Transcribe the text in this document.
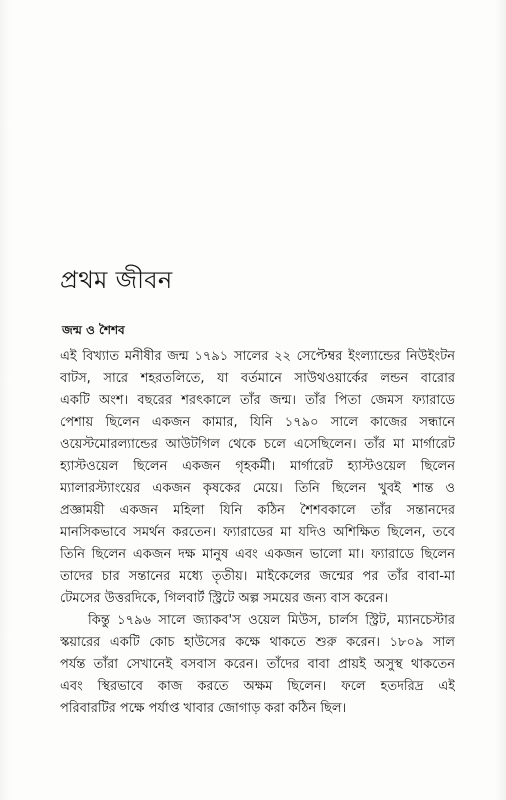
প্রথম জীবন
জন্ম ও শৈশব
এই বিখ্যাত মনীষীর জন্ম ১৭৯১ সালের ২২ সেপ্টেম্বর ইংল্যান্ডের নিউইংটন
বাটস, সারে শহরতলিতে, যা বর্তমানে সাউথওয়ার্কের লন্ডন বারোর
একটি অংশ। বছরের শরৎকালে তাঁর জন্ম। তাঁর পিতা জেমস ফ্যারাডে
পেশায় ছিলেন একজন কামার, যিনি ১৭৯০ সালে কাজের সন্ধানে
ওয়েস্টমোরল্যান্ডের আউটগিল থেকে চলে এসেছিলেন। তাঁর মা মার্গারেট
হ্যাস্টওয়েল ছিলেন একজন গৃহকর্মী। মার্গারেট হ্যাস্টওয়েল ছিলেন
ম্যালারস্ট্যাংয়ের একজন কৃষকের মেয়ে। তিনি ছিলেন খুবই শান্ত ও
প্রজ্ঞাময়ী একজন মহিলা যিনি কঠিন শৈশবকালে তাঁর সন্তানদের
মানসিকভাবে সমর্থন করতেন। ফ্যারাডের মা যদিও অশিক্ষিত ছিলেন, তবে
তিনি ছিলেন একজন দক্ষ মানুষ এবং একজন ভালো মা। ফ্যারাডে ছিলেন
তাদের চার সন্তানের মধ্যে তৃতীয়। মাইকেলের জন্মের পর তাঁর বাবা-মা
টেমসের উত্তরদিকে, গিলবার্ট স্ট্রিটে অল্প সময়ের জন্য বাস করেন।
কিন্তু ১৭৯৬ সালে জ্যাকব'স ওয়েল মিউস, চার্লস স্ট্রিট, ম্যানচেস্টার
স্কয়ারের একটি কোচ হাউসের কক্ষে থাকতে শুরু করেন। ১৮০৯ সাল
পর্যন্ত তাঁরা সেখানেই বসবাস করেন। তাঁদের বাবা প্রায়ই অসুস্থ থাকতেন
এবং স্থিরভাবে কাজ করতে অক্ষম ছিলেন। ফলে হতদরিদ্র এই
পরিবারটির পক্ষে পর্যাপ্ত খাবার জোগাড় করা কঠিন ছিল।
